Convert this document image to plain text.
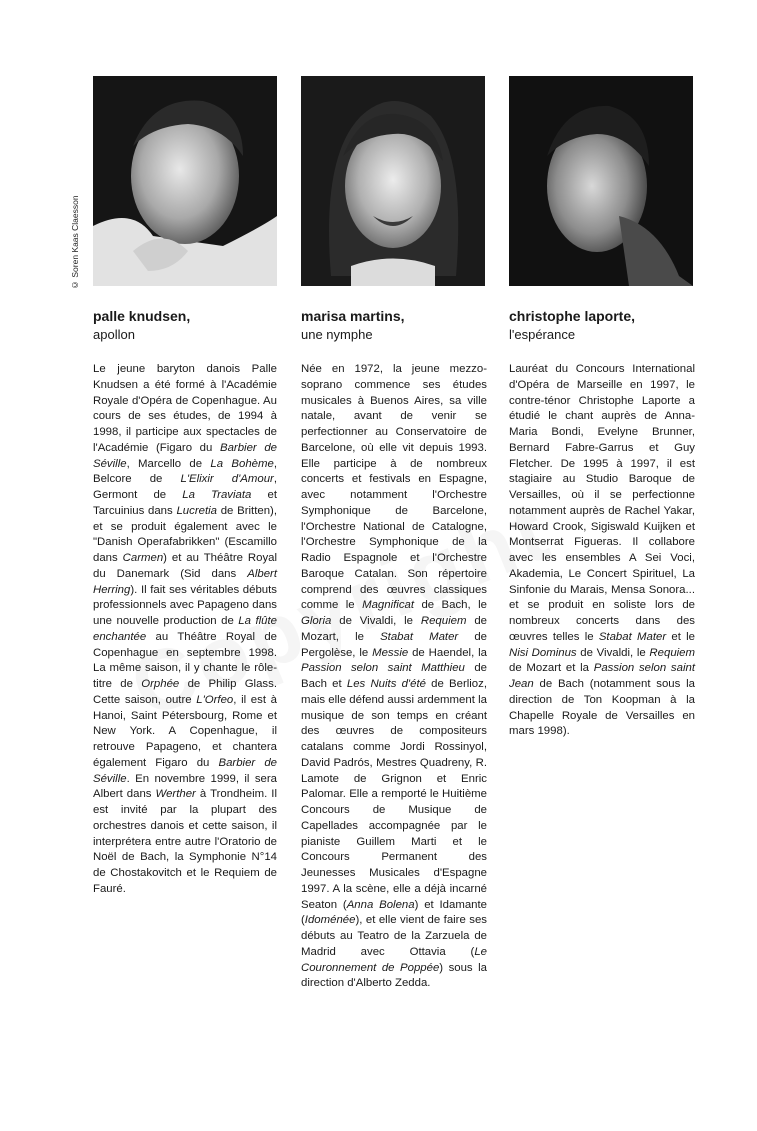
© Soren Kaas Claesson
palle knudsen,
apollon

Le jeune baryton danois Palle Knudsen a été formé à l'Académie Royale d'Opéra de Copenhague. Au cours de ses études, de 1994 à 1998, il participe aux spectacles de l'Académie (Figaro du Barbier de Séville, Marcello de La Bohème, Belcore de L'Elixir d'Amour, Germont de La Traviata et Tarcuinius dans Lucretia de Britten), et se produit également avec le "Danish Operafabrikken" (Escamillo dans Carmen) et au Théâtre Royal du Danemark (Sid dans Albert Herring). Il fait ses véritables débuts professionnels avec Papageno dans une nouvelle production de La flûte enchantée au Théâtre Royal de Copenhague en septembre 1998. La même saison, il y chante le rôle-titre de Orphée de Philip Glass. Cette saison, outre L'Orfeo, il est à Hanoi, Saint Pétersbourg, Rome et New York. A Copenhague, il retrouve Papageno, et chantera également Figaro du Barbier de Séville. En novembre 1999, il sera Albert dans Werther à Trondheim. Il est invité par la plupart des orchestres danois et cette saison, il interprétera entre autre l'Oratorio de Noël de Bach, la Symphonie N°14 de Chostakovitch et le Requiem de Fauré.

marisa martins,
une nymphe

Née en 1972, la jeune mezzo-soprano commence ses études musicales à Buenos Aires, sa ville natale, avant de venir se perfectionner au Conservatoire de Barcelone, où elle vit depuis 1993. Elle participe à de nombreux concerts et festivals en Espagne, avec notamment l'Orchestre Symphonique de Barcelone, l'Orchestre National de Catalogne, l'Orchestre Symphonique de la Radio Espagnole et l'Orchestre Baroque Catalan. Son répertoire comprend des œuvres classiques comme le Magnificat de Bach, le Gloria de Vivaldi, le Requiem de Mozart, le Stabat Mater de Pergolèse, le Messie de Haendel, la Passion selon saint Matthieu de Bach et Les Nuits d'été de Berlioz, mais elle défend aussi ardemment la musique de son temps en créant des œuvres de compositeurs catalans comme Jordi Rossinyol, David Padrós, Mestres Quadreny, R. Lamote de Grignon et Enric Palomar. Elle a remporté le Huitième Concours de Musique de Capellades accompagnée par le pianiste Guillem Marti et le Concours Permanent des Jeunesses Musicales d'Espagne 1997. A la scène, elle a déjà incarné Seaton (Anna Bolena) et Idamante (Idoménée), et elle vient de faire ses débuts au Teatro de la Zarzuela de Madrid avec Ottavia (Le Couronnement de Poppée) sous la direction d'Alberto Zedda.

christophe laporte,
l'espérance

Lauréat du Concours International d'Opéra de Marseille en 1997, le contre-ténor Christophe Laporte a étudié le chant auprès de Anna-Maria Bondi, Evelyne Brunner, Bernard Fabre-Garrus et Guy Fletcher. De 1995 à 1997, il est stagiaire au Studio Baroque de Versailles, où il se perfectionne notamment auprès de Rachel Yakar, Howard Crook, Sigiswald Kuijken et Montserrat Figueras. Il collabore avec les ensembles A Sei Voci, Akademia, Le Concert Spirituel, La Sinfonie du Marais, Mensa Sonora... et se produit en soliste lors de nombreux concerts dans des œuvres telles le Stabat Mater et le Nisi Dominus de Vivaldi, le Requiem de Mozart et la Passion selon saint Jean de Bach (notamment sous la direction de Ton Koopman à la Chapelle Royale de Versailles en mars 1998).
